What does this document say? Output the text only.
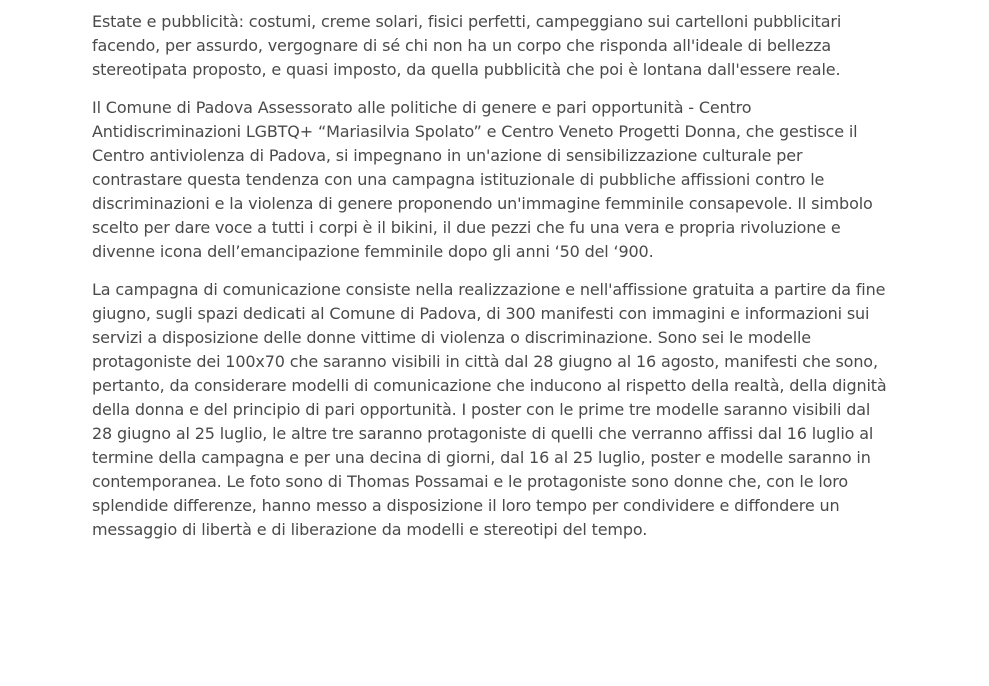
Estate e pubblicità: costumi, creme solari, fisici perfetti, campeggiano sui cartelloni pubblicitari facendo, per assurdo, vergognare di sé chi non ha un corpo che risponda all'ideale di bellezza stereotipata proposto, e quasi imposto, da quella pubblicità che poi è lontana dall'essere reale.

Il Comune di Padova Assessorato alle politiche di genere e pari opportunità - Centro Antidiscriminazioni LGBTQ+ “Mariasilvia Spolato” e Centro Veneto Progetti Donna, che gestisce il Centro antiviolenza di Padova, si impegnano in un'azione di sensibilizzazione culturale per contrastare questa tendenza con una campagna istituzionale di pubbliche affissioni contro le discriminazioni e la violenza di genere proponendo un'immagine femminile consapevole. Il simbolo scelto per dare voce a tutti i corpi è il bikini, il due pezzi che fu una vera e propria rivoluzione e divenne icona dell’emancipazione femminile dopo gli anni ‘50 del ‘900.

La campagna di comunicazione consiste nella realizzazione e nell'affissione gratuita a partire da fine giugno, sugli spazi dedicati al Comune di Padova, di 300 manifesti con immagini e informazioni sui servizi a disposizione delle donne vittime di violenza o discriminazione. Sono sei le modelle protagoniste dei 100x70 che saranno visibili in città dal 28 giugno al 16 agosto, manifesti che sono, pertanto, da considerare modelli di comunicazione che inducono al rispetto della realtà, della dignità della donna e del principio di pari opportunità. I poster con le prime tre modelle saranno visibili dal 28 giugno al 25 luglio, le altre tre saranno protagoniste di quelli che verranno affissi dal 16 luglio al termine della campagna e per una decina di giorni, dal 16 al 25 luglio, poster e modelle saranno in contemporanea. Le foto sono di Thomas Possamai e le protagoniste sono donne che, con le loro splendide differenze, hanno messo a disposizione il loro tempo per condividere e diffondere un messaggio di libertà e di liberazione da modelli e stereotipi del tempo.
